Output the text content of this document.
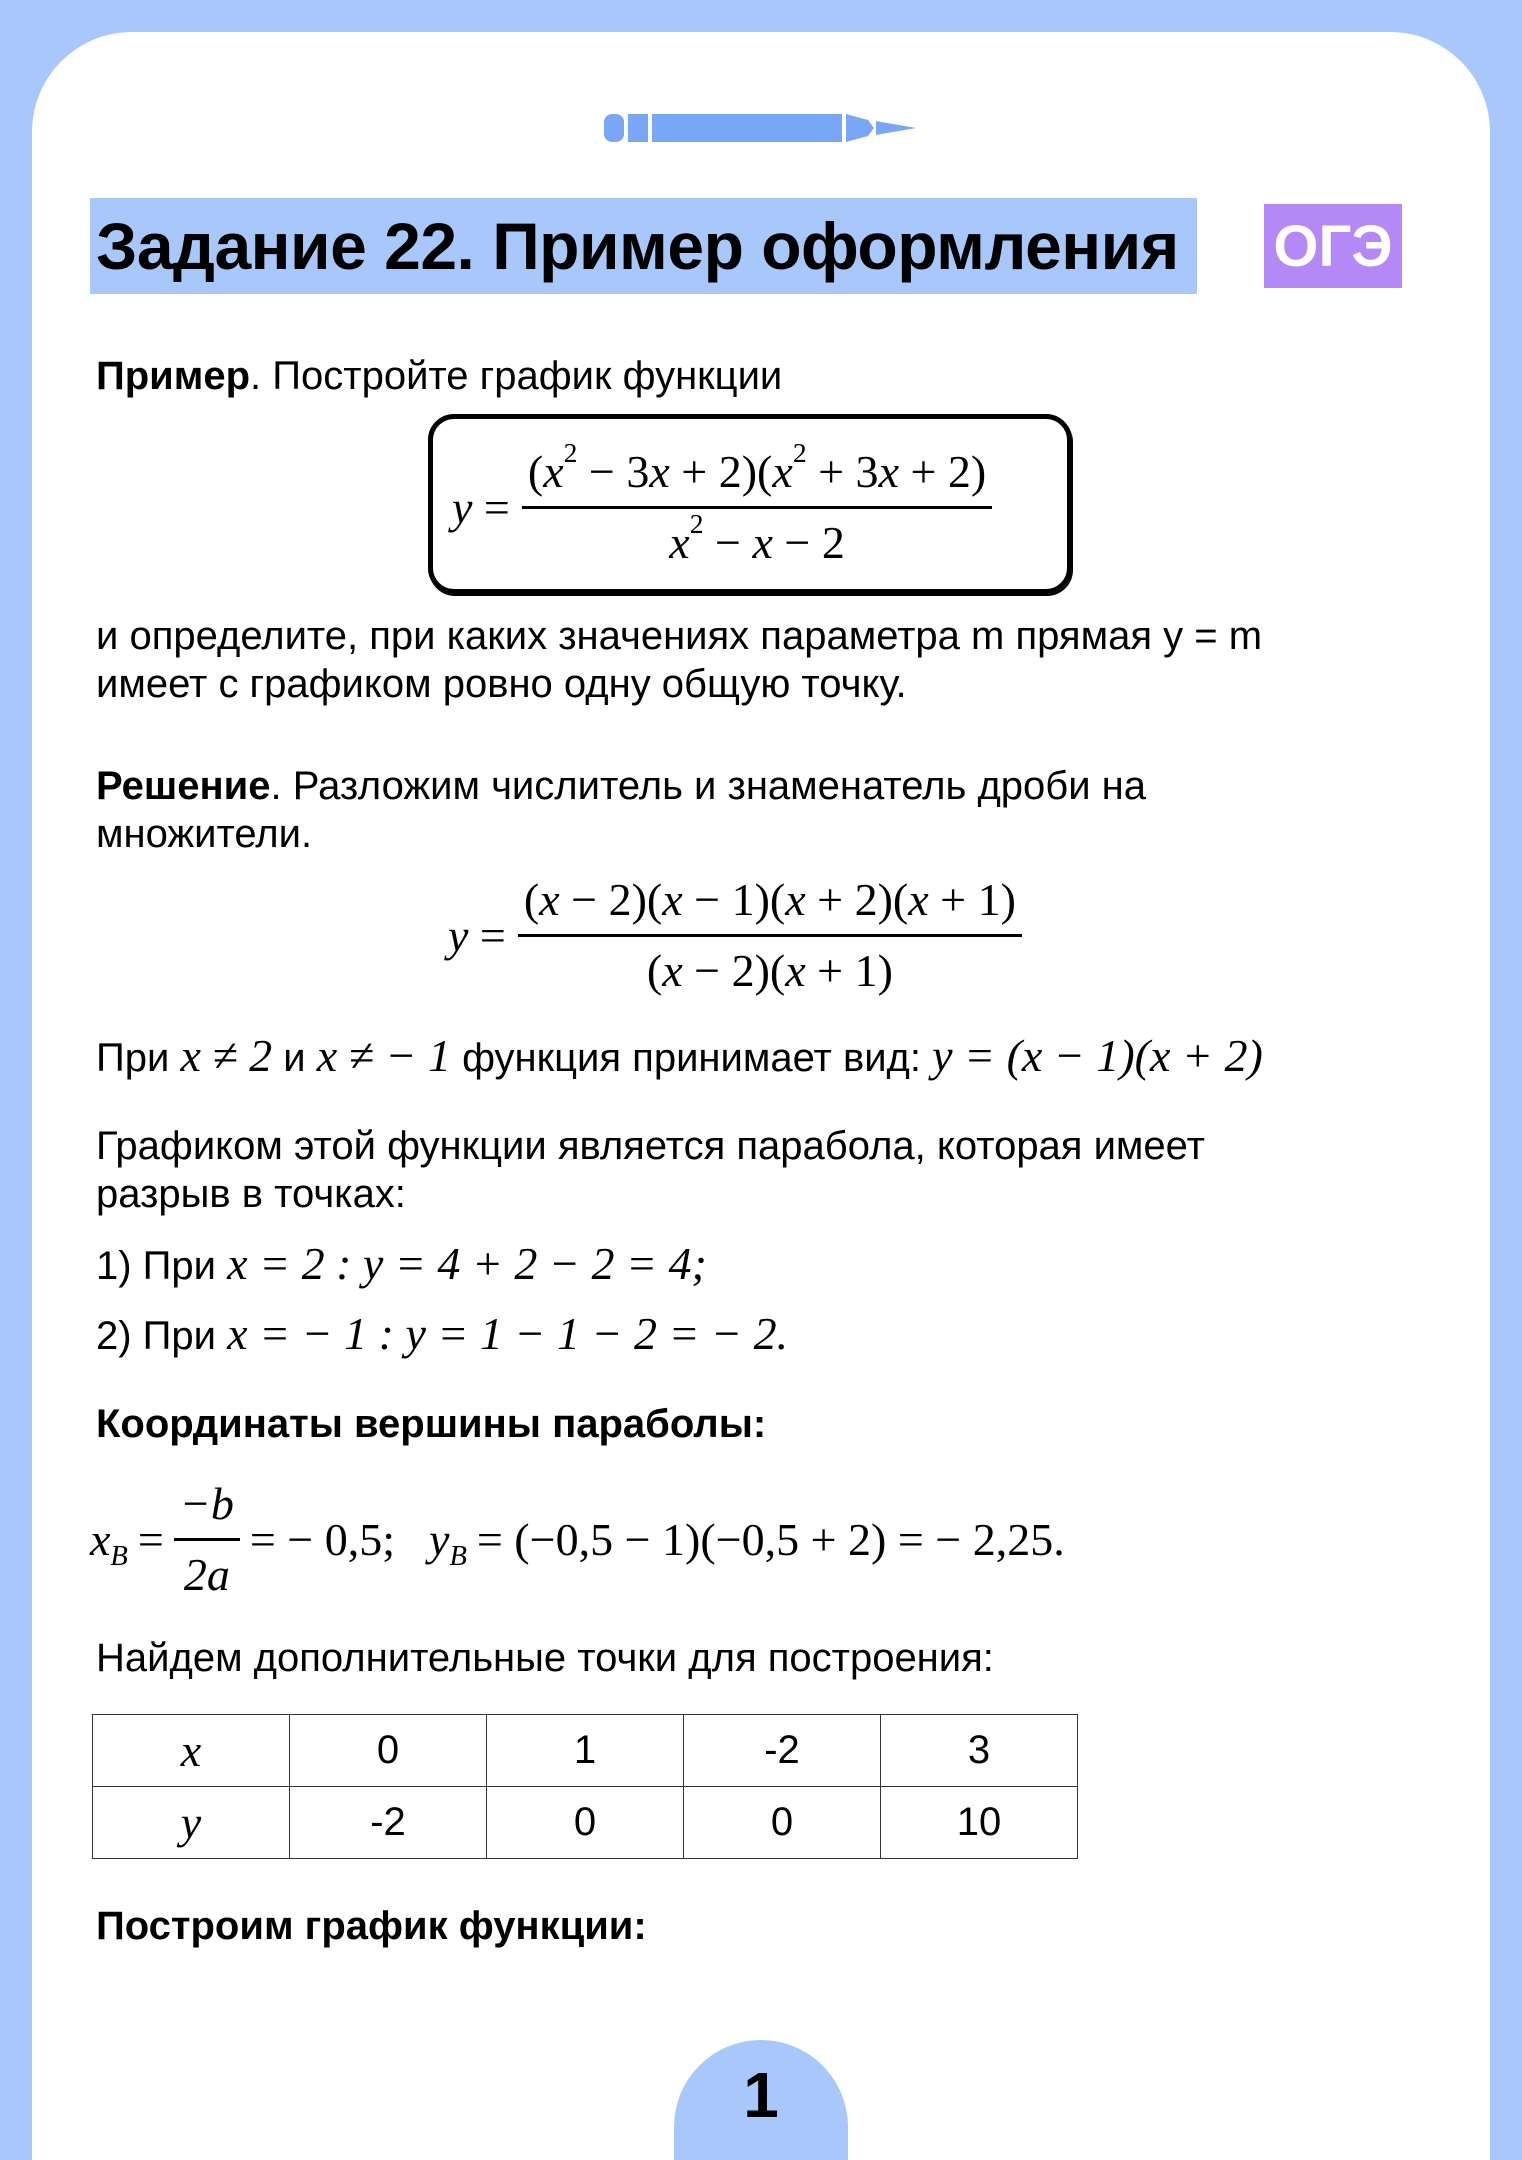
Задание 22. Пример оформления ОГЭ
Пример. Постройте график функции
$y = \frac{(x^2 - 3x + 2)(x^2 + 3x + 2)}{x^2 - x - 2}$
и определите, при каких значениях параметра m прямая y = m
имеет с графиком ровно одну общую точку.
Решение. Разложим числитель и знаменатель дроби на
множители.
$y = \frac{(x - 2)(x - 1)(x + 2)(x + 1)}{(x - 2)(x + 1)}$
При x ≠ 2 и x ≠ − 1 функция принимает вид: y = (x − 1)(x + 2)
Графиком этой функции является парабола, которая имеет
разрыв в точках:
1) При x = 2 : y = 4 + 2 − 2 = 4;
2) При x = − 1 : y = 1 − 1 − 2 = − 2.
Координаты вершины параболы:
$x_B = \frac{-b}{2a}$ = − 0,5; $y_B = (-0,5 - 1)(-0,5 + 2)$ = − 2,25.
Найдем дополнительные точки для построения:
x	0	1	-2	3
y	-2	0	0	10
Построим график функции:
1
